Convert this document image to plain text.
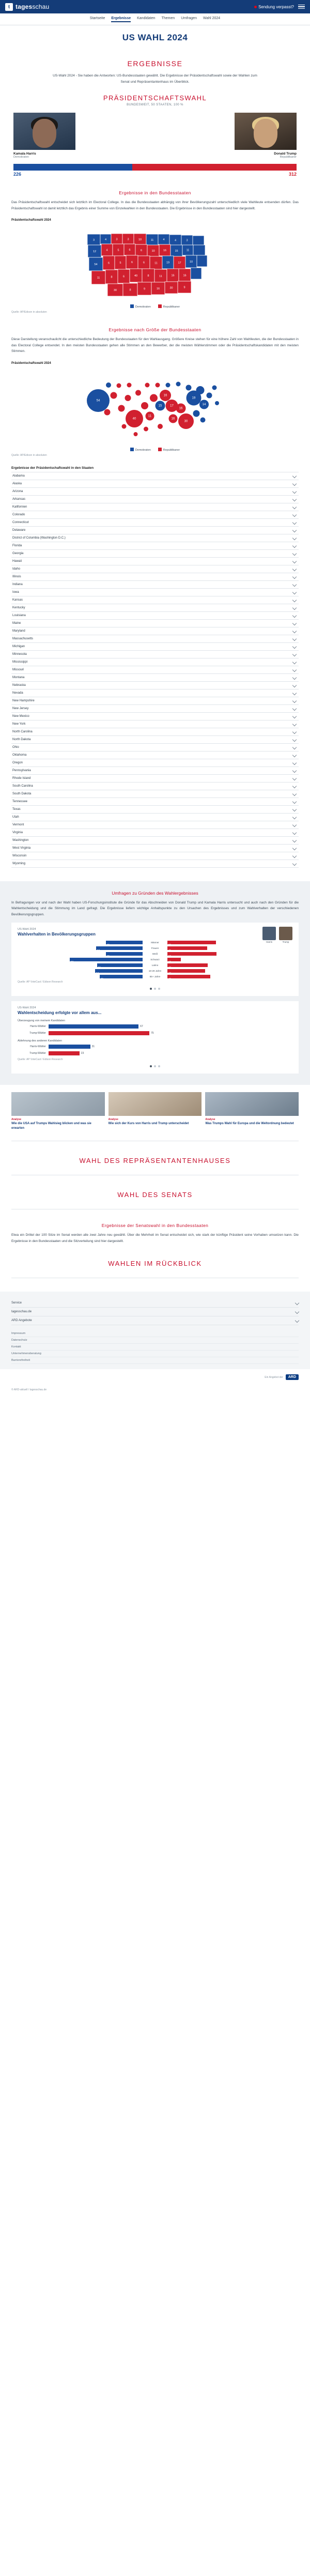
t tagesschau	Sendung verpasst?
Startseite Ergebnisse Kandidaten Themen Umfragen Wahl 2024
US WAHL 2024
ERGEBNISSE

US-Wahl 2024 - Sie haben die Antworten: US-Bundesstaaten gewählt. Die Ergebnisse der Präsidentschaftswahl sowie der Wahlen zum Senat und Repräsentantenhaus im Überblick.

PRÄSIDENTSCHAFTSWAHL
BUNDESWEIT, 50 STAATEN, 100 %
Kamala Harris
Demokraten
Donald Trump
Republikaner
226	312
Ergebnisse in den Bundesstaaten

Das Präsidentschaftswahl entscheidet sich letztlich im Electoral College. In das die Bundesstaaten abhängig von ihrer Bevölkerungszahl unterschiedlich viele Wahlleute entsenden dürfen. Das Präsidentschaftswahl ist damit letztlich das Ergebnis einer Summe von Einzelwahlen in den Bundesstaaten. Die Ergebnisse in den Bundesstaaten sind hier dargestellt.

Präsidentschaftswahl 2024
3 4 3 3 10 11 4 4 3
12 4 5 6 6 10 16 15 11
54 6 5 6 6 11 19 17 10
11 8 6 40 8 11 16 16
30 8 9 16 30 9
Demokraten	Republikaner
Quelle: AP/Edison in absoluten
Ergebnisse nach Größe der Bundesstaaten

Diese Darstellung veranschaulicht die unterschiedliche Bedeutung der Bundesstaaten für den Wahlausgang. Größere Kreise stehen für eine höhere Zahl von Wahlleuten, die der Bundesstaaten in das Electoral College entsendet. In den meisten Bundesstaaten gehen alle Stimmen an den Bewerber, der die meisten Wählerstimmen oder die Präsidentschaftskandidaten mit den meisten Stimmen.

Präsidentschaftswahl 2024
54
40
30
19
17
16
15
16
14
11
16
Demokraten	Republikaner
Quelle: AP/Edison in absoluten
Ergebnisse der Präsidentschaftswahl in den Staaten
Alabama
Alaska
Arizona
Arkansas
Kalifornien
Colorado
Connecticut
Delaware
District of Columbia (Washington D.C.)
Florida
Georgia
Hawaii
Idaho
Illinois
Indiana
Iowa
Kansas
Kentucky
Louisiana
Maine
Maryland
Massachusetts
Michigan
Minnesota
Mississippi
Missouri
Montana
Nebraska
Nevada
New Hampshire
New Jersey
New Mexico
New York
North Carolina
North Dakota
Ohio
Oklahoma
Oregon
Pennsylvania
Rhode Island
South Carolina
South Dakota
Tennessee
Texas
Utah
Vermont
Virginia
Washington
West Virginia
Wisconsin
Wyoming
Umfragen zu Gründen des Wahlergebnisses

In Befragungen vor und nach der Wahl haben US-Forschungsinstitute die Gründe für das Abschneiden von Donald Trump und Kamala Harris untersucht und auch nach den Gründen für die Wahlentscheidung und die Stimmung im Land gefragt. Die Ergebnisse liefern wichtige Anhaltspunkte zu den Ursachen des Ergebnisses und zum Wahlverhalten der verschiedenen Bevölkerungsgruppen.

US-Wahl 2024
Wahlverhalten in Bevölkerungsgruppen
Harris	Trump
42
Männer
55
53
Frauen
45
42
Weiß
56
83
Schwarz
15
52
Latino
46
54
18-29 Jahre
43
49
65+ Jahre
49
Quelle: AP VoteCast / Edison Research
US-Wahl 2024
Wahlentscheidung erfolgte vor allem aus...
Überzeugung von meinem Kandidaten
Harris-Wähler	67
Trump-Wähler	75
Ablehnung des anderen Kandidaten
Harris-Wähler	31
Trump-Wähler	23
Quelle: AP VoteCast / Edison Research
Analyse
Wie die USA auf Trumps Wahlsieg blicken und was sie erwarten
Analyse
Wie sich der Kurs von Harris und Trump unterscheidet
Analyse
Was Trumps Wahl für Europa und die Weltordnung bedeutet
WAHL DES REPRÄSENTANTENHAUSES
WAHL DES SENATS
Ergebnisse der Senatswahl in den Bundesstaaten

Etwa ein Drittel der 100 Sitze im Senat werden alle zwei Jahre neu gewählt. Über die Mehrheit im Senat entscheidet sich, wie stark der künftige Präsident seine Vorhaben umsetzen kann. Die Ergebnisse in den Bundesstaaten und die Sitzverteilung sind hier dargestellt.

WAHLEN IM RÜCKBLICK
Service
tagesschau.de
ARD Angebote
Impressum
Datenschutz
Kontakt
Unternehmensberatung
Barrierefreiheit
Ein Angebot der	ARD
© ARD-aktuell / tagesschau.de
